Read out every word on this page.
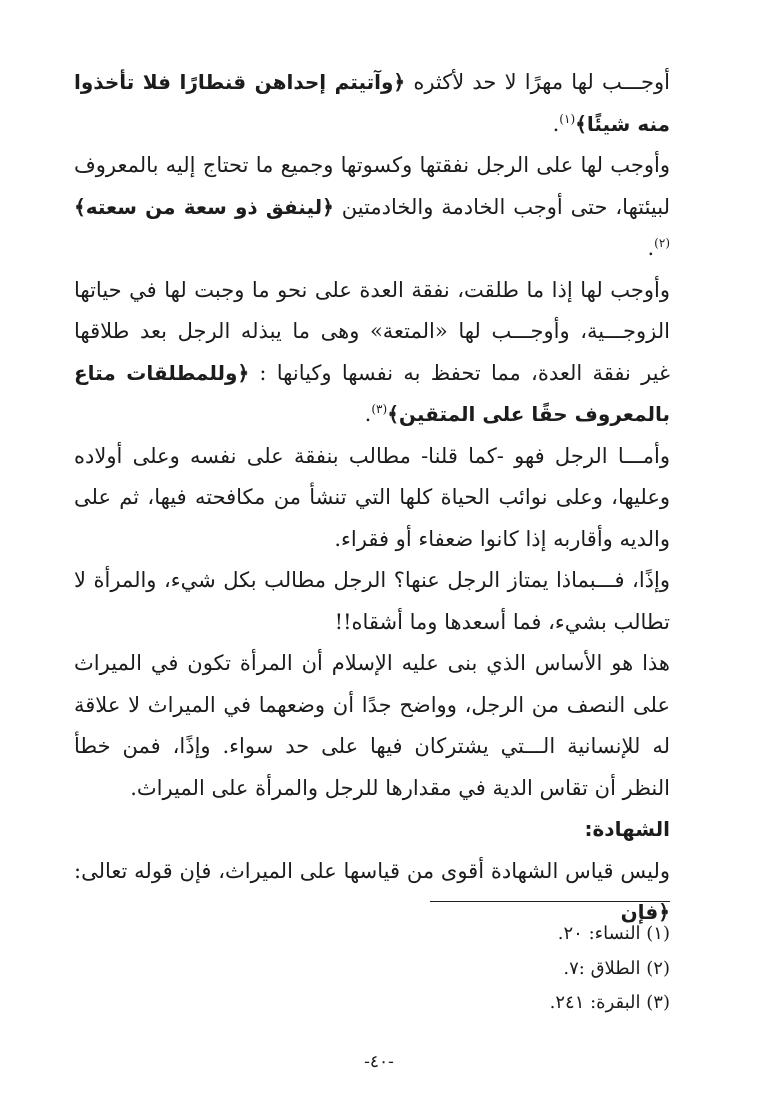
أوجـــب لها مهرًا لا حد لأكثره ﴿وآتيتم إحداهن قنطارًا فلا تأخذوا منه شيئًا﴾$^{(١)}$.

وأوجب لها على الرجل نفقتها وكسوتها وجميع ما تحتاج إليه بالمعروف لبيئتها، حتى أوجب الخادمة والخادمتين ﴿لينفق ذو سعة من سعته﴾$^{(٢)}$.

وأوجب لها إذا ما طلقت، نفقة العدة على نحو ما وجبت لها في حياتها الزوجـــية، وأوجـــب لها «المتعة» وهى ما يبذله الرجل بعد طلاقها غير نفقة العدة، مما تحفظ به نفسها وكيانها : ﴿وللمطلقات متاع بالمعروف حقًا على المتقين﴾$^{(٣)}$.

وأمـــا الرجل فهو -كما قلنا- مطالب بنفقة على نفسه وعلى أولاده وعليها، وعلى نوائب الحياة كلها التي تنشأ من مكافحته فيها، ثم على والديه وأقاربه إذا كانوا ضعفاء أو فقراء.

وإذًا، فـــبماذا يمتاز الرجل عنها؟ الرجل مطالب بكل شيء، والمرأة لا تطالب بشيء، فما أسعدها وما أشقاه!!

هذا هو الأساس الذي بنى عليه الإسلام أن المرأة تكون في الميراث على النصف من الرجل، وواضح جدًا أن وضعهما في الميراث لا علاقة له للإنسانية الـــتي يشتركان فيها على حد سواء. وإذًا، فمن خطأ النظر أن تقاس الدية في مقدارها للرجل والمرأة على الميراث.

الشهادة:

وليس قياس الشهادة أقوى من قياسها على الميراث، فإن قوله تعالى: ﴿فإن

(١) النساء: ٢٠.
(٢) الطلاق :٧.
(٣) البقرة: ٢٤١.
-٤٠-
